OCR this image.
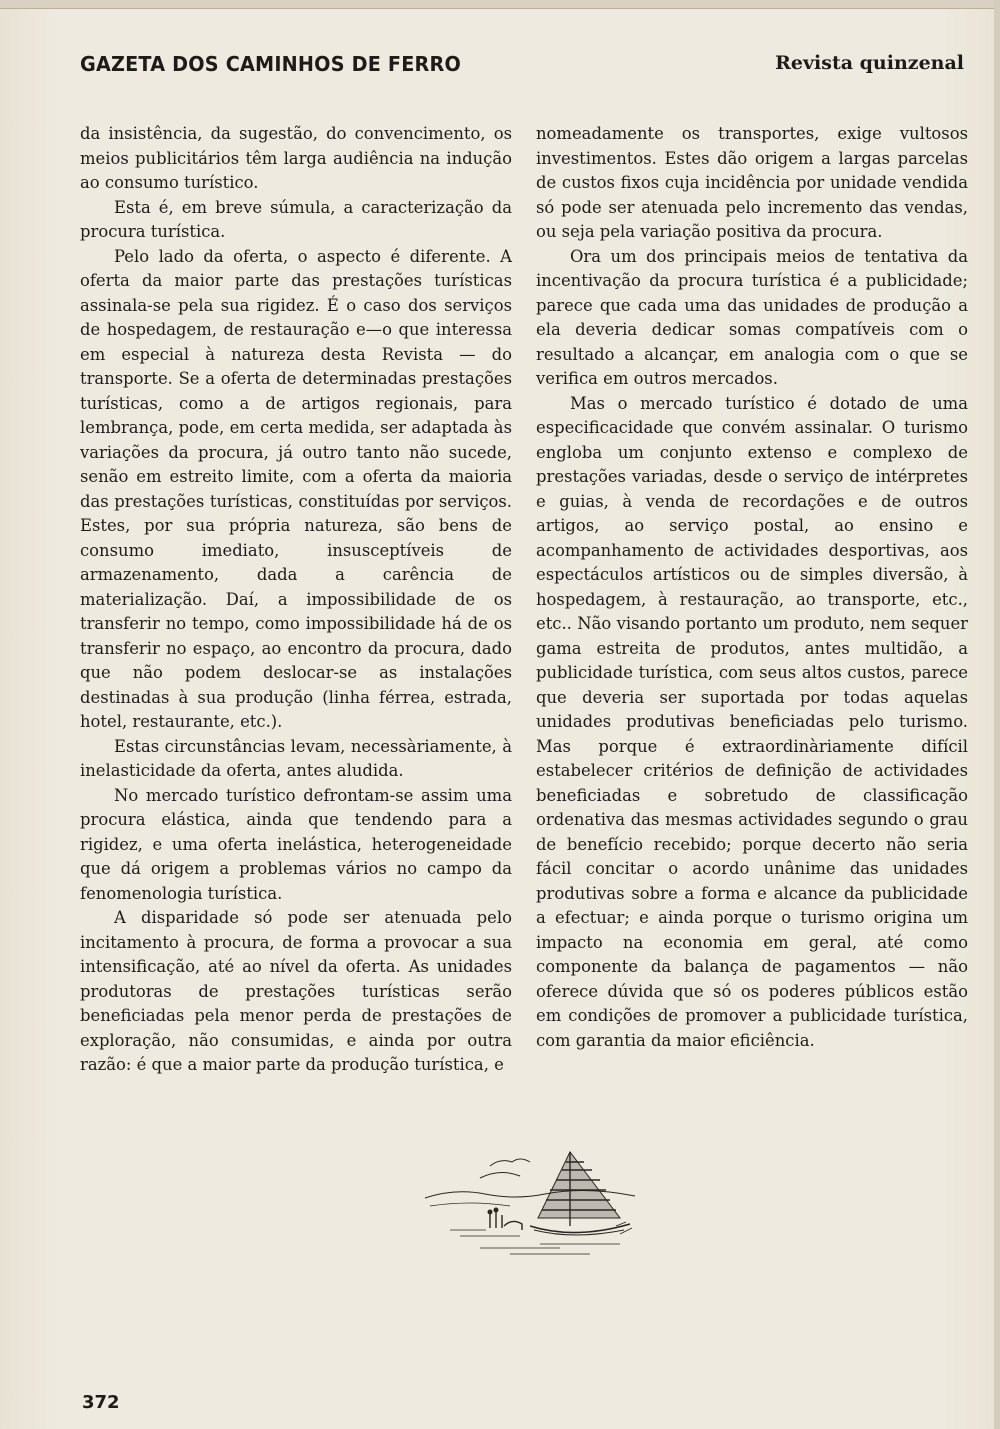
GAZETA DOS CAMINHOS DE FERRO	Revista quinzenal

da insistência, da sugestão, do convencimento, os meios publicitários têm larga audiência na indução ao consumo turístico.

Esta é, em breve súmula, a caracterização da procura turística.

Pelo lado da oferta, o aspecto é diferente. A oferta da maior parte das prestações turísticas assinala-se pela sua rigidez. É o caso dos serviços de hospedagem, de restauração e—o que interessa em especial à natureza desta Revista — do transporte. Se a oferta de determinadas prestações turísticas, como a de artigos regionais, para lembrança, pode, em certa medida, ser adaptada às variações da procura, já outro tanto não sucede, senão em estreito limite, com a oferta da maioria das prestações turísticas, constituídas por serviços. Estes, por sua própria natureza, são bens de consumo imediato, insusceptíveis de armazenamento, dada a carência de materialização. Daí, a impossibilidade de os transferir no tempo, como impossibilidade há de os transferir no espaço, ao encontro da procura, dado que não podem deslocar-se as instalações destinadas à sua produção (linha férrea, estrada, hotel, restaurante, etc.).

Estas circunstâncias levam, necessàriamente, à inelasticidade da oferta, antes aludida.

No mercado turístico defrontam-se assim uma procura elástica, ainda que tendendo para a rigidez, e uma oferta inelástica, heterogeneidade que dá origem a problemas vários no campo da fenomenologia turística.

A disparidade só pode ser atenuada pelo incitamento à procura, de forma a provocar a sua intensificação, até ao nível da oferta. As unidades produtoras de prestações turísticas serão beneficiadas pela menor perda de prestações de exploração, não consumidas, e ainda por outra razão: é que a maior parte da produção turística, e

nomeadamente os transportes, exige vultosos investimentos. Estes dão origem a largas parcelas de custos fixos cuja incidência por unidade vendida só pode ser atenuada pelo incremento das vendas, ou seja pela variação positiva da procura.

Ora um dos principais meios de tentativa da incentivação da procura turística é a publicidade; parece que cada uma das unidades de produção a ela deveria dedicar somas compatíveis com o resultado a alcançar, em analogia com o que se verifica em outros mercados.

Mas o mercado turístico é dotado de uma especificacidade que convém assinalar. O turismo engloba um conjunto extenso e complexo de prestações variadas, desde o serviço de intérpretes e guias, à venda de recordações e de outros artigos, ao serviço postal, ao ensino e acompanhamento de actividades desportivas, aos espectáculos artísticos ou de simples diversão, à hospedagem, à restauração, ao transporte, etc., etc.. Não visando portanto um produto, nem sequer gama estreita de produtos, antes multidão, a publicidade turística, com seus altos custos, parece que deveria ser suportada por todas aquelas unidades produtivas beneficiadas pelo turismo. Mas porque é extraordinàriamente difícil estabelecer critérios de definição de actividades beneficiadas e sobretudo de classificação ordenativa das mesmas actividades segundo o grau de benefício recebido; porque decerto não seria fácil concitar o acordo unânime das unidades produtivas sobre a forma e alcance da publicidade a efectuar; e ainda porque o turismo origina um impacto na economia em geral, até como componente da balança de pagamentos — não oferece dúvida que só os poderes públicos estão em condições de promover a publicidade turística, com garantia da maior eficiência.

372
